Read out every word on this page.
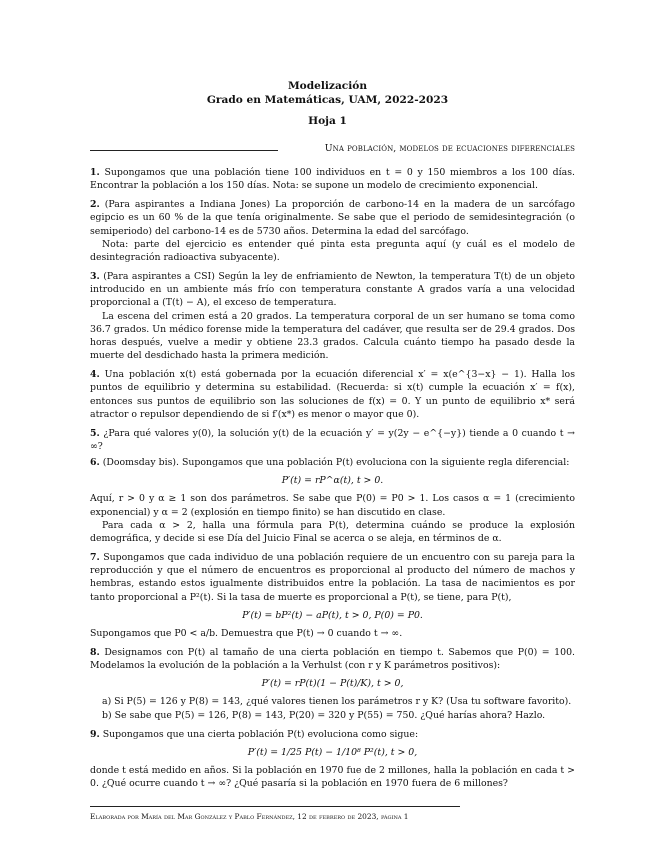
Modelización
Grado en Matemáticas, UAM, 2022-2023
Hoja 1
Una población, modelos de ecuaciones diferenciales

1. Supongamos que una población tiene 100 individuos en t = 0 y 150 miembros a los 100 días. Encontrar la población a los 150 días. Nota: se supone un modelo de crecimiento exponencial.

2. (Para aspirantes a Indiana Jones) La proporción de carbono-14 en la madera de un sarcófago egipcio es un 60 % de la que tenía originalmente. Se sabe que el periodo de semidesintegración (o semiperiodo) del carbono-14 es de 5730 años. Determina la edad del sarcófago.

Nota: parte del ejercicio es entender qué pinta esta pregunta aquí (y cuál es el modelo de desintegración radioactiva subyacente).

3. (Para aspirantes a CSI) Según la ley de enfriamiento de Newton, la temperatura T(t) de un objeto introducido en un ambiente más frío con temperatura constante A grados varía a una velocidad proporcional a (T(t) − A), el exceso de temperatura.

La escena del crimen está a 20 grados. La temperatura corporal de un ser humano se toma como 36.7 grados. Un médico forense mide la temperatura del cadáver, que resulta ser de 29.4 grados. Dos horas después, vuelve a medir y obtiene 23.3 grados. Calcula cuánto tiempo ha pasado desde la muerte del desdichado hasta la primera medición.

4. Una población x(t) está gobernada por la ecuación diferencial x′ = x(e^{3−x} − 1). Halla los puntos de equilibrio y determina su estabilidad. (Recuerda: si x(t) cumple la ecuación x′ = f(x), entonces sus puntos de equilibrio son las soluciones de f(x) = 0. Y un punto de equilibrio x* será atractor o repulsor dependiendo de si f′(x*) es menor o mayor que 0).

5. ¿Para qué valores y(0), la solución y(t) de la ecuación y′ = y(2y − e^{−y}) tiende a 0 cuando t → ∞?

6. (Doomsday bis). Supongamos que una población P(t) evoluciona con la siguiente regla diferencial:

P′(t) = rP^α(t), t > 0.

Aquí, r > 0 y α ≥ 1 son dos parámetros. Se sabe que P(0) = P0 > 1. Los casos α = 1 (crecimiento exponencial) y α = 2 (explosión en tiempo finito) se han discutido en clase.

Para cada α > 2, halla una fórmula para P(t), determina cuándo se produce la explosión demográfica, y decide si ese Día del Juicio Final se acerca o se aleja, en términos de α.

7. Supongamos que cada individuo de una población requiere de un encuentro con su pareja para la reproducción y que el número de encuentros es proporcional al producto del número de machos y hembras, estando estos igualmente distribuidos entre la población. La tasa de nacimientos es por tanto proporcional a P²(t). Si la tasa de muerte es proporcional a P(t), se tiene, para P(t),

P′(t) = bP²(t) − aP(t), t > 0, P(0) = P0.

Supongamos que P0 < a/b. Demuestra que P(t) → 0 cuando t → ∞.

8. Designamos con P(t) al tamaño de una cierta población en tiempo t. Sabemos que P(0) = 100. Modelamos la evolución de la población a la Verhulst (con r y K parámetros positivos):

P′(t) = rP(t)(1 − P(t)/K), t > 0,

a) Si P(5) = 126 y P(8) = 143, ¿qué valores tienen los parámetros r y K? (Usa tu software favorito).

b) Se sabe que P(5) = 126, P(8) = 143, P(20) = 320 y P(55) = 750. ¿Qué harías ahora? Hazlo.

9. Supongamos que una cierta población P(t) evoluciona como sigue:

P′(t) = 1/25 P(t) − 1/10⁸ P²(t), t > 0,

donde t está medido en años. Si la población en 1970 fue de 2 millones, halla la población en cada t > 0. ¿Qué ocurre cuando t → ∞? ¿Qué pasaría si la población en 1970 fuera de 6 millones?

Elaborada por María del Mar González y Pablo Fernández, 12 de febrero de 2023, página 1
